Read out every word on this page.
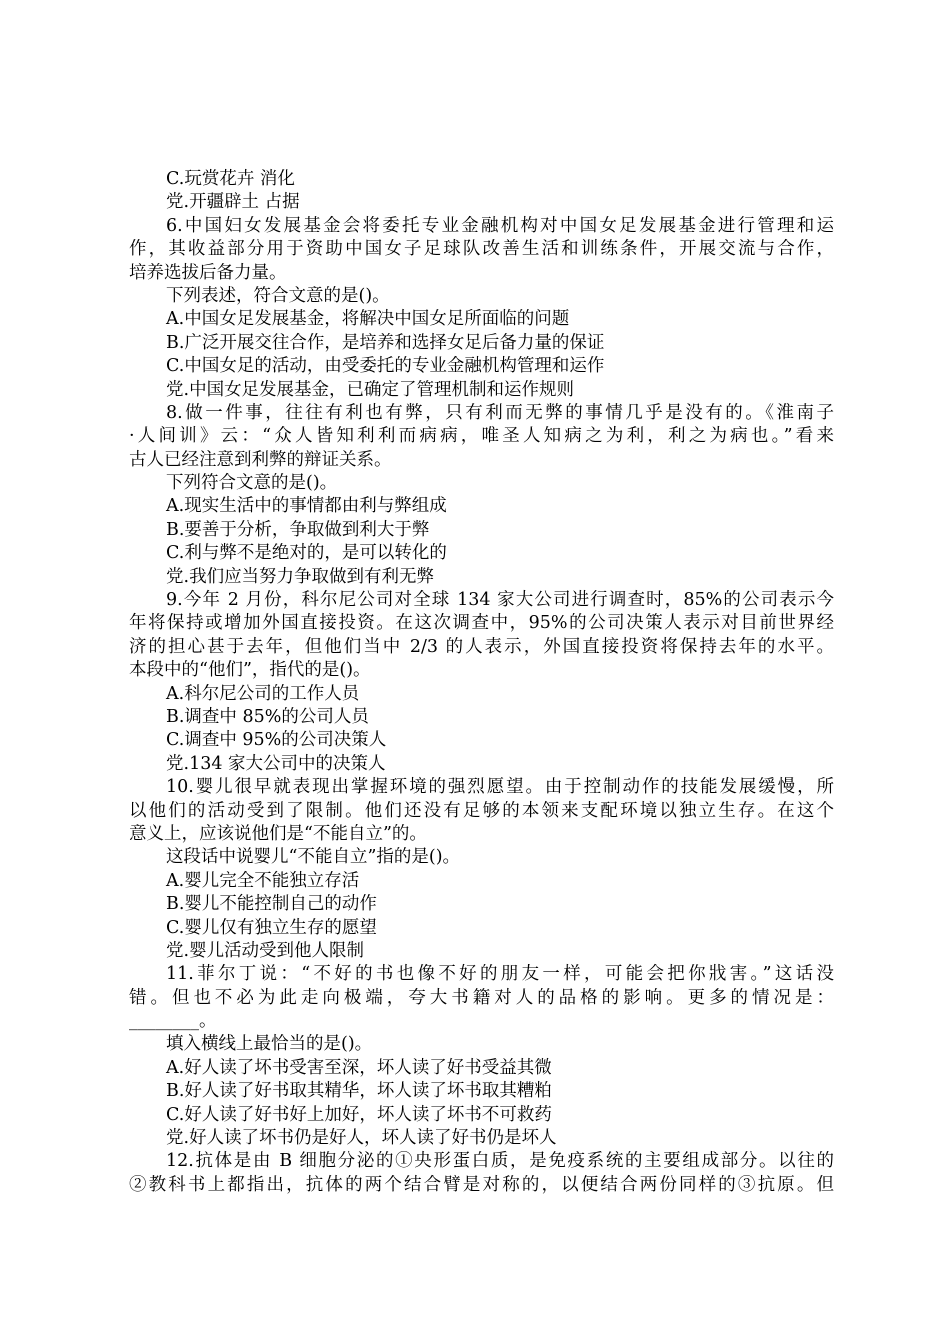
C.玩赏花卉 消化
党.开疆辟土 占据
6.中国妇女发展基金会将委托专业金融机构对中国女足发展基金进行管理和运
作，其收益部分用于资助中国女子足球队改善生活和训练条件，开展交流与合作，
培养选拔后备力量。
下列表述，符合文意的是()。
A.中国女足发展基金，将解决中国女足所面临的问题
B.广泛开展交往合作，是培养和选择女足后备力量的保证
C.中国女足的活动，由受委托的专业金融机构管理和运作
党.中国女足发展基金，已确定了管理机制和运作规则
8.做一件事，往往有利也有弊，只有利而无弊的事情几乎是没有的。《淮南子
·人间训》云：“众人皆知利利而病病，唯圣人知病之为利，利之为病也。”看来
古人已经注意到利弊的辩证关系。
下列符合文意的是()。
A.现实生活中的事情都由利与弊组成
B.要善于分析，争取做到利大于弊
C.利与弊不是绝对的，是可以转化的
党.我们应当努力争取做到有利无弊
9.今年 2 月份，科尔尼公司对全球 134 家大公司进行调查时，85%的公司表示今
年将保持或增加外国直接投资。在这次调查中，95%的公司决策人表示对目前世界经
济的担心甚于去年，但他们当中 2/3 的人表示，外国直接投资将保持去年的水平。
本段中的“他们”，指代的是()。
A.科尔尼公司的工作人员
B.调查中 85%的公司人员
C.调查中 95%的公司决策人
党.134 家大公司中的决策人
10.婴儿很早就表现出掌握环境的强烈愿望。由于控制动作的技能发展缓慢，所
以他们的活动受到了限制。他们还没有足够的本领来支配环境以独立生存。在这个
意义上，应该说他们是“不能自立”的。
这段话中说婴儿“不能自立”指的是()。
A.婴儿完全不能独立存活
B.婴儿不能控制自己的动作
C.婴儿仅有独立生存的愿望
党.婴儿活动受到他人限制
11.菲尔丁说：“不好的书也像不好的朋友一样，可能会把你戕害。”这话没
错。但也不必为此走向极端，夸大书籍对人的品格的影响。更多的情况是：
________。
填入横线上最恰当的是()。
A.好人读了坏书受害至深，坏人读了好书受益其微
B.好人读了好书取其精华，坏人读了坏书取其糟粕
C.好人读了好书好上加好，坏人读了坏书不可救药
党.好人读了坏书仍是好人，坏人读了好书仍是坏人
12.抗体是由 B 细胞分泌的①央形蛋白质，是免疫系统的主要组成部分。以往的
②教科书上都指出，抗体的两个结合臂是对称的，以便结合两份同样的③抗原。但
